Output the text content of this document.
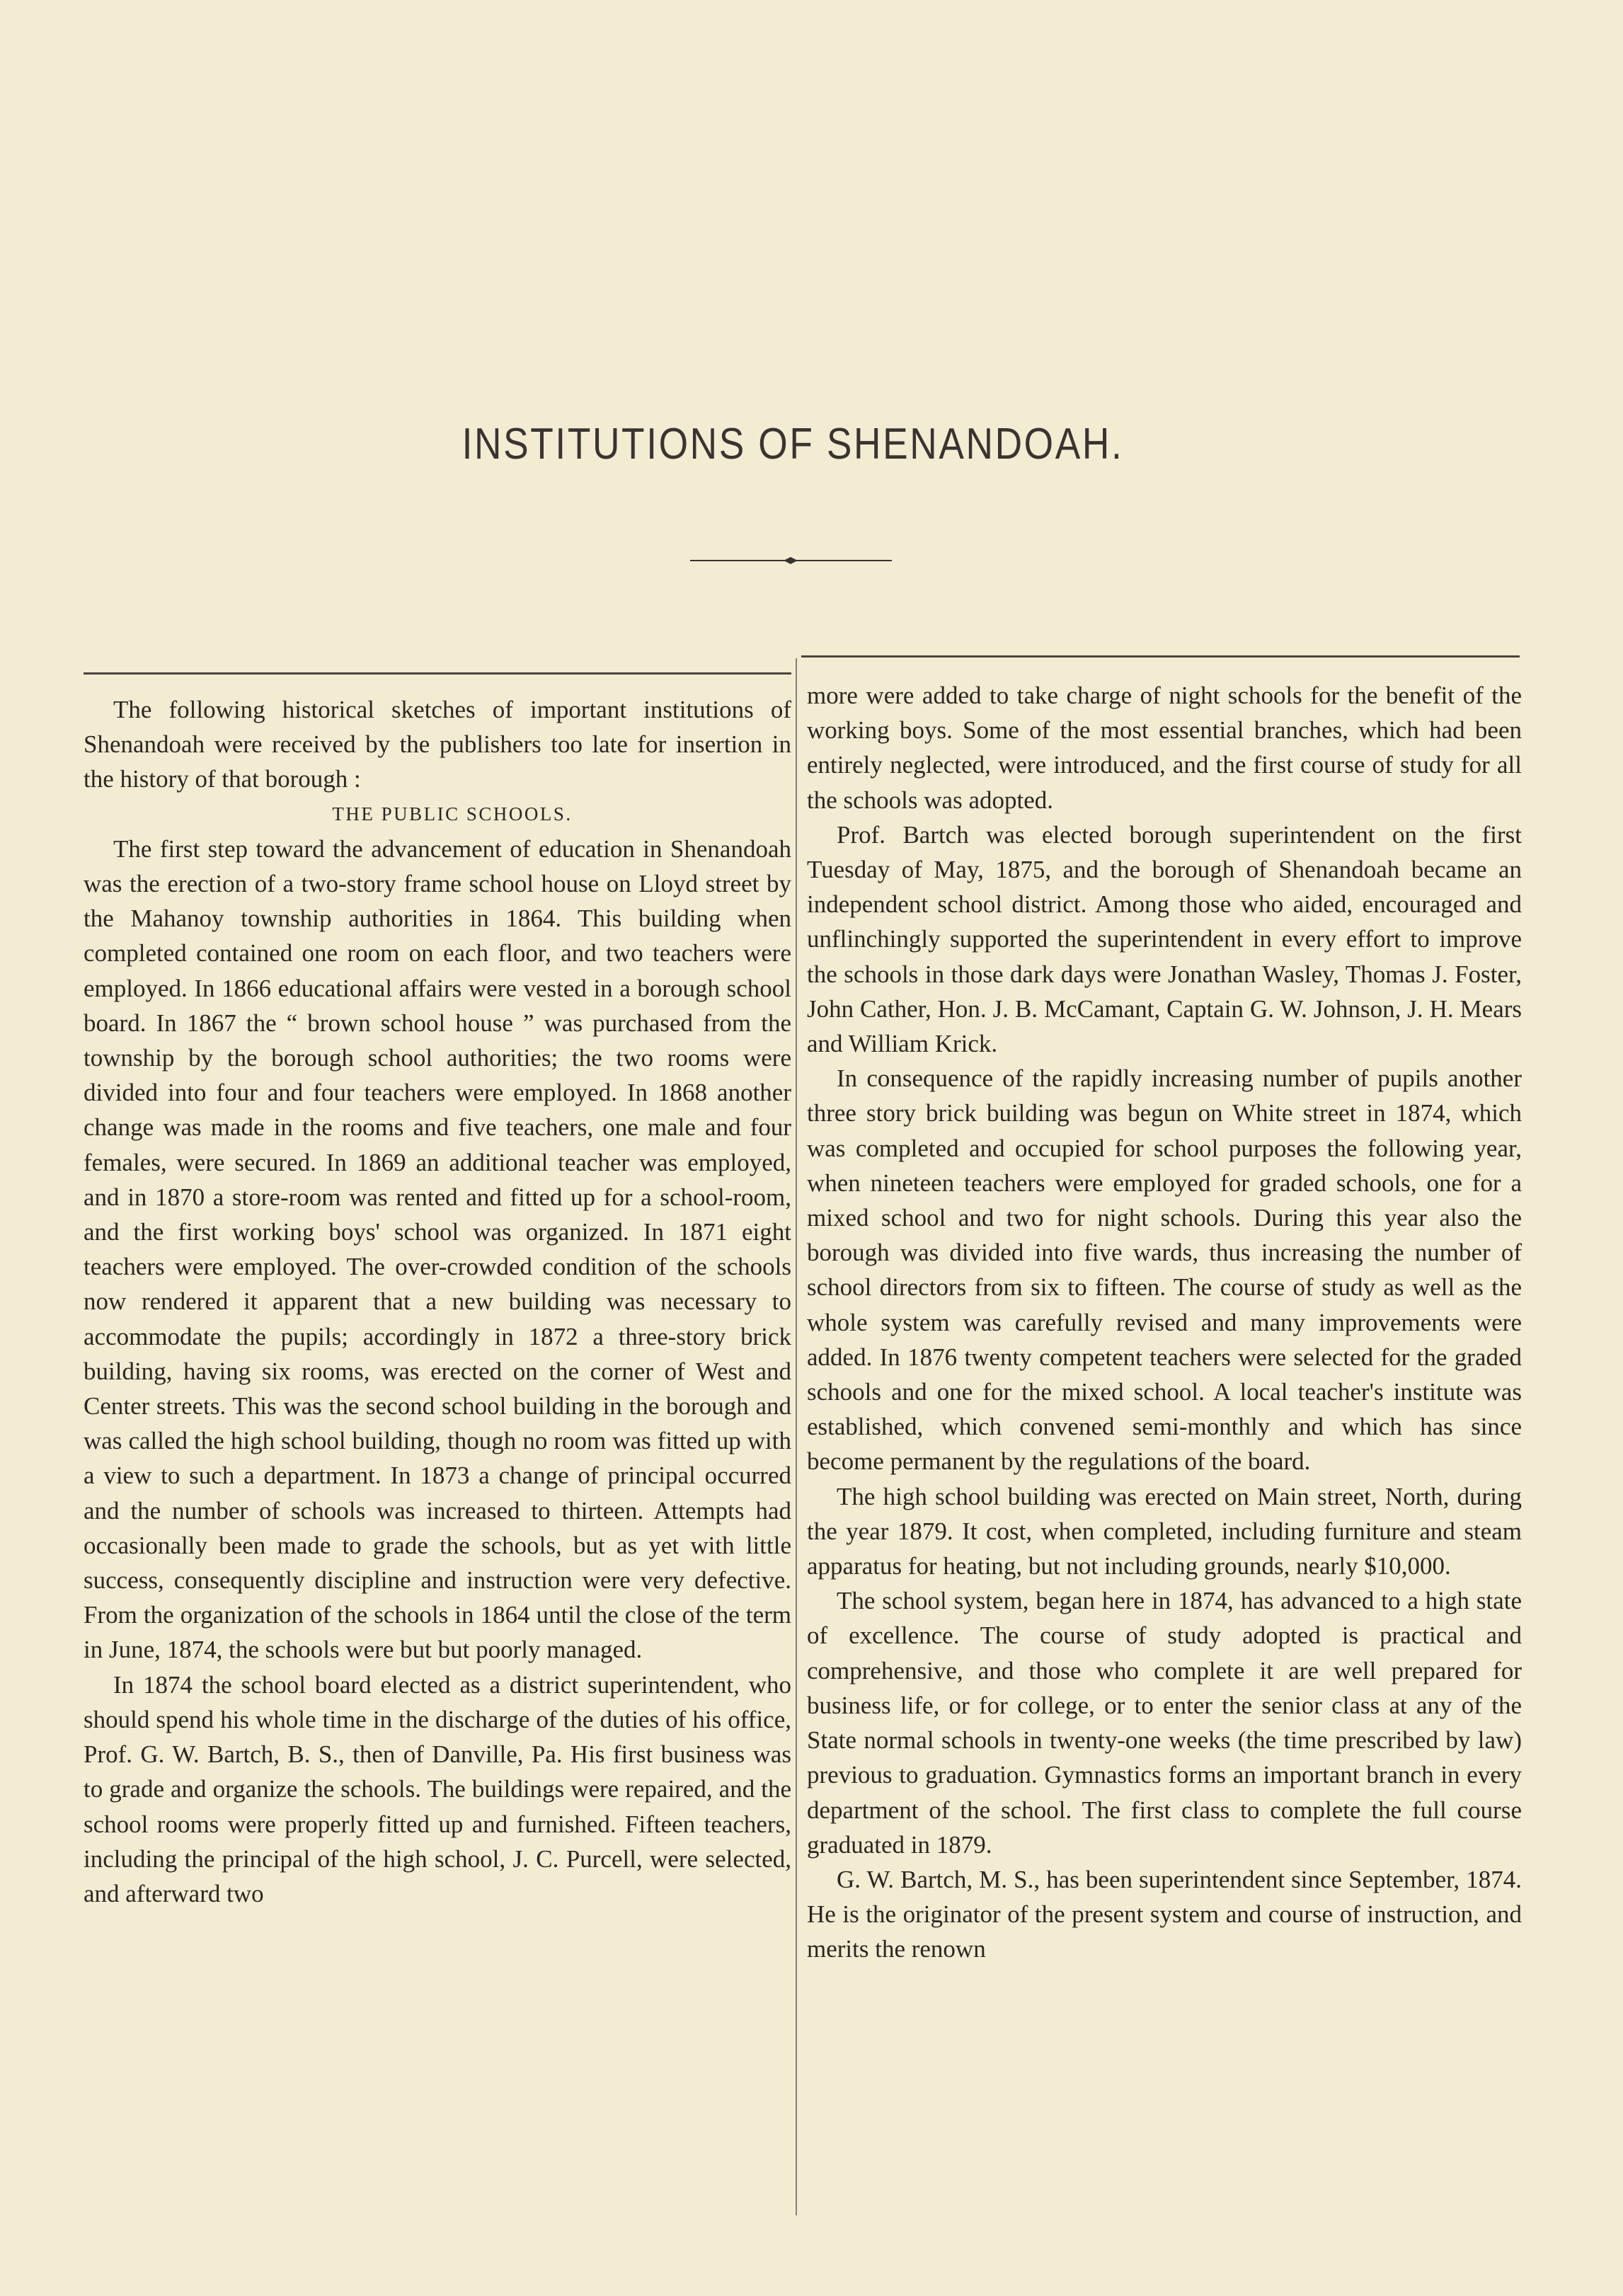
INSTITUTIONS OF SHENANDOAH.

The following historical sketches of important institutions of Shenandoah were received by the publishers too late for insertion in the history of that borough :

THE PUBLIC SCHOOLS.

The first step toward the advancement of education in Shenandoah was the erection of a two-story frame school house on Lloyd street by the Mahanoy township authorities in 1864. This building when completed contained one room on each floor, and two teachers were employed. In 1866 educational affairs were vested in a borough school board. In 1867 the “ brown school house ” was purchased from the township by the borough school authorities; the two rooms were divided into four and four teachers were employed. In 1868 another change was made in the rooms and five teachers, one male and four females, were secured. In 1869 an additional teacher was employed, and in 1870 a store-room was rented and fitted up for a school-room, and the first working boys' school was organized. In 1871 eight teachers were employed. The over-crowded condition of the schools now rendered it apparent that a new building was necessary to accommodate the pupils; accordingly in 1872 a three-story brick building, having six rooms, was erected on the corner of West and Center streets. This was the second school building in the borough and was called the high school building, though no room was fitted up with a view to such a department. In 1873 a change of principal occurred and the number of schools was increased to thirteen. Attempts had occasionally been made to grade the schools, but as yet with little success, consequently discipline and instruction were very defective. From the organization of the schools in 1864 until the close of the term in June, 1874, the schools were but but poorly managed.

In 1874 the school board elected as a district superintendent, who should spend his whole time in the discharge of the duties of his office, Prof. G. W. Bartch, B. S., then of Danville, Pa. His first business was to grade and organize the schools. The buildings were repaired, and the school rooms were properly fitted up and furnished. Fifteen teachers, including the principal of the high school, J. C. Purcell, were selected, and afterward two

more were added to take charge of night schools for the benefit of the working boys. Some of the most essential branches, which had been entirely neglected, were introduced, and the first course of study for all the schools was adopted.

Prof. Bartch was elected borough superintendent on the first Tuesday of May, 1875, and the borough of Shenandoah became an independent school district. Among those who aided, encouraged and unflinchingly supported the superintendent in every effort to improve the schools in those dark days were Jonathan Wasley, Thomas J. Foster, John Cather, Hon. J. B. McCamant, Captain G. W. Johnson, J. H. Mears and William Krick.

In consequence of the rapidly increasing number of pupils another three story brick building was begun on White street in 1874, which was completed and occupied for school purposes the following year, when nineteen teachers were employed for graded schools, one for a mixed school and two for night schools. During this year also the borough was divided into five wards, thus increasing the number of school directors from six to fifteen. The course of study as well as the whole system was carefully revised and many improvements were added. In 1876 twenty competent teachers were selected for the graded schools and one for the mixed school. A local teacher's institute was established, which convened semi-monthly and which has since become permanent by the regulations of the board.

The high school building was erected on Main street, North, during the year 1879. It cost, when completed, including furniture and steam apparatus for heating, but not including grounds, nearly $10,000.

The school system, began here in 1874, has advanced to a high state of excellence. The course of study adopted is practical and comprehensive, and those who complete it are well prepared for business life, or for college, or to enter the senior class at any of the State normal schools in twenty-one weeks (the time prescribed by law) previous to graduation. Gymnastics forms an important branch in every department of the school. The first class to complete the full course graduated in 1879.

G. W. Bartch, M. S., has been superintendent since September, 1874. He is the originator of the present system and course of instruction, and merits the renown
